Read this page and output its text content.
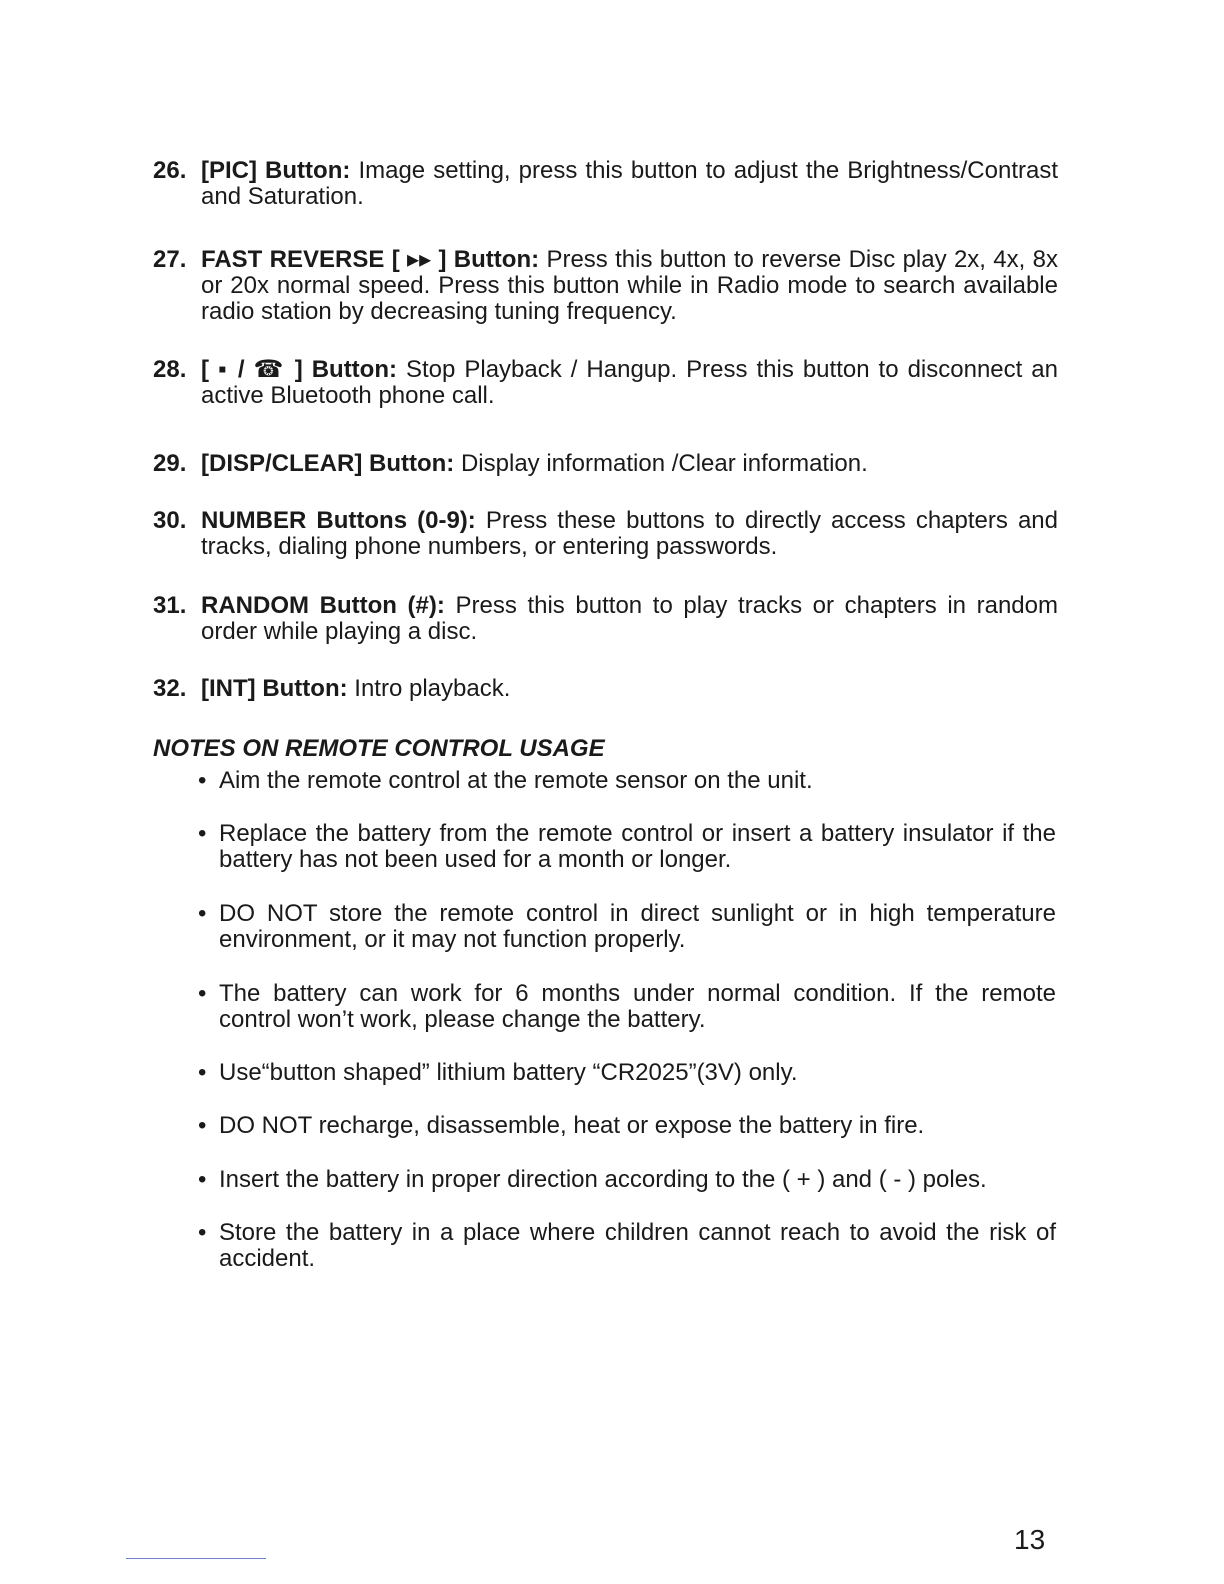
26. [PIC] Button: Image setting, press this button to adjust the Brightness/Contrast and Saturation.
27. FAST REVERSE [ ▸▸ ] Button: Press this button to reverse Disc play 2x, 4x, 8x or 20x normal speed. Press this button while in Radio mode to search available radio station by decreasing tuning frequency.
28. [ ▪ / ☎ ] Button: Stop Playback / Hangup. Press this button to disconnect an active Bluetooth phone call.
29. [DISP/CLEAR] Button: Display information /Clear information.
30. NUMBER Buttons (0-9): Press these buttons to directly access chapters and tracks, dialing phone numbers, or entering passwords.
31. RANDOM Button (#): Press this button to play tracks or chapters in random order while playing a disc.
32. [INT] Button: Intro playback.
NOTES ON REMOTE CONTROL USAGE
• Aim the remote control at the remote sensor on the unit.
• Replace the battery from the remote control or insert a battery insulator if the battery has not been used for a month or longer.
• DO NOT store the remote control in direct sunlight or in high temperature environment, or it may not function properly.
• The battery can work for 6 months under normal condition. If the remote control won’t work, please change the battery.
• Use“button shaped” lithium battery “CR2025”(3V) only.
• DO NOT recharge, disassemble, heat or expose the battery in fire.
• Insert the battery in proper direction according to the ( + ) and ( - ) poles.
• Store the battery in a place where children cannot reach to avoid the risk of accident.
13
